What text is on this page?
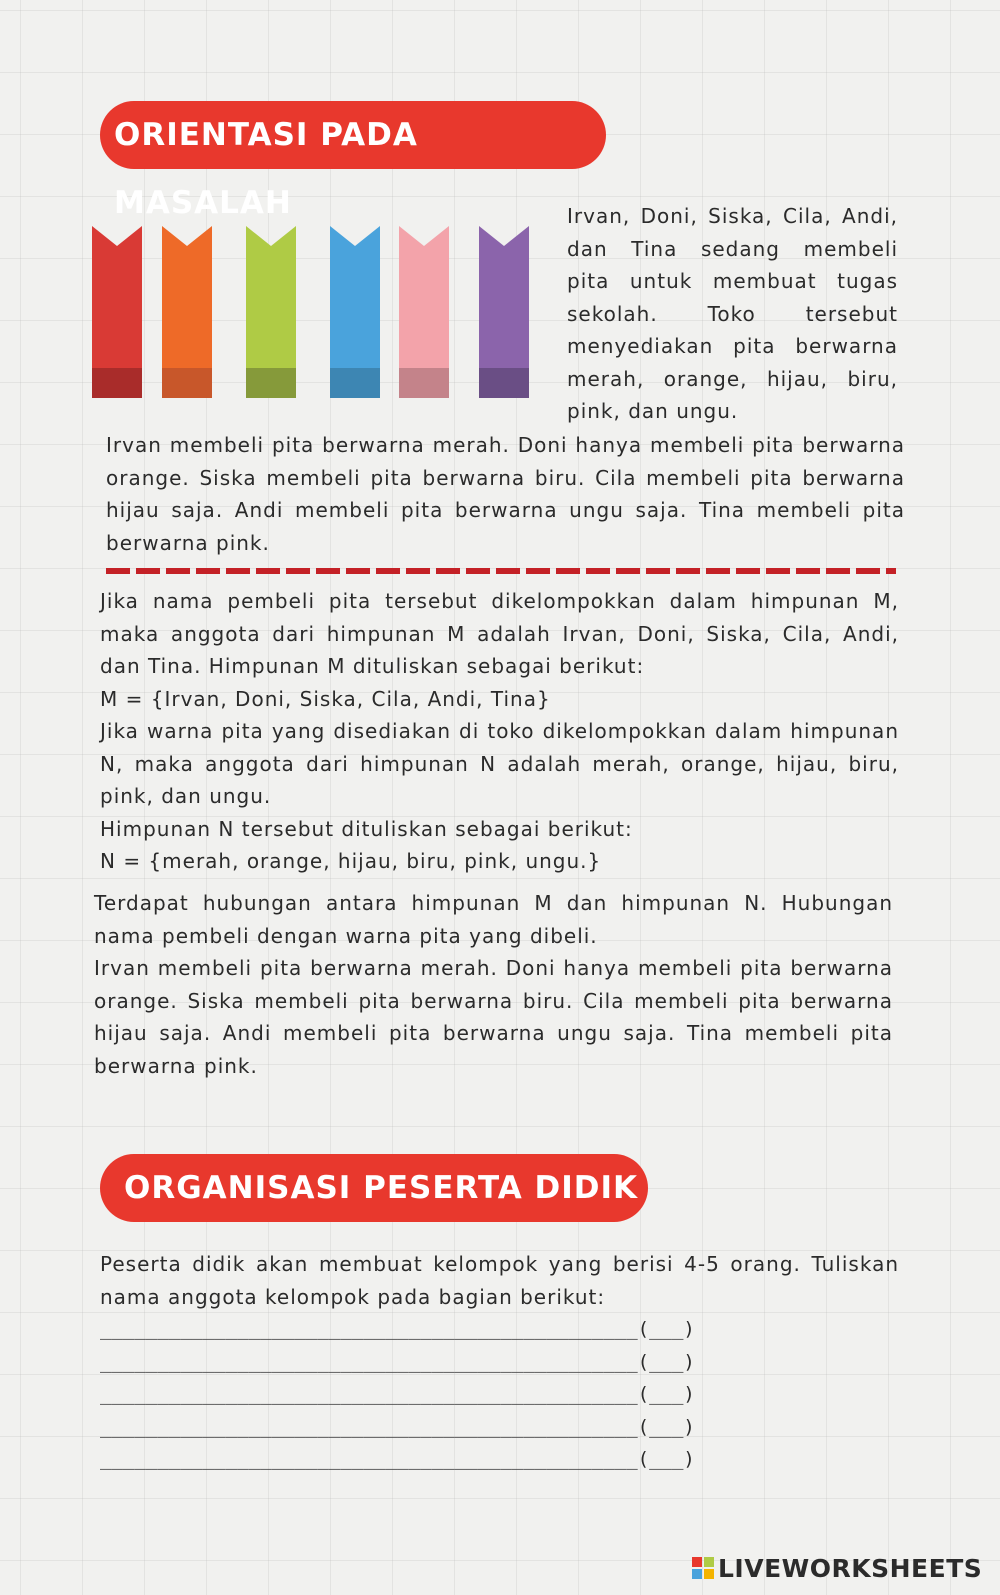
ORIENTASI PADA MASALAH	Irvan, Doni, Siska, Cila, Andi, dan Tina sedang membeli pita untuk membuat tugas sekolah. Toko tersebut menyediakan pita berwarna merah, orange, hijau, biru, pink, dan ungu.

Irvan membeli pita berwarna merah. Doni hanya membeli pita berwarna orange. Siska membeli pita berwarna biru. Cila membeli pita berwarna hijau saja. Andi membeli pita berwarna ungu saja. Tina membeli pita berwarna pink.

Jika nama pembeli pita tersebut dikelompokkan dalam himpunan M, maka anggota dari himpunan M adalah Irvan, Doni, Siska, Cila, Andi, dan Tina. Himpunan M dituliskan sebagai berikut:

M = {Irvan, Doni, Siska, Cila, Andi, Tina}

Jika warna pita yang disediakan di toko dikelompokkan dalam himpunan N, maka anggota dari himpunan N adalah merah, orange, hijau, biru, pink, dan ungu.

Himpunan N tersebut dituliskan sebagai berikut:

N = {merah, orange, hijau, biru, pink, ungu.}

Terdapat hubungan antara himpunan M dan himpunan N. Hubungan nama pembeli dengan warna pita yang dibeli.

Irvan membeli pita berwarna merah. Doni hanya membeli pita berwarna orange. Siska membeli pita berwarna biru. Cila membeli pita berwarna hijau saja. Andi membeli pita berwarna ungu saja. Tina membeli pita berwarna pink.

ORGANISASI PESERTA DIDIK

Peserta didik akan membuat kelompok yang berisi 4-5 orang. Tuliskan nama anggota kelompok pada bagian berikut:

_______________________________________________(___)
_______________________________________________(___)
_______________________________________________(___)
_______________________________________________(___)
_______________________________________________(___)
LIVEWORKSHEETS
